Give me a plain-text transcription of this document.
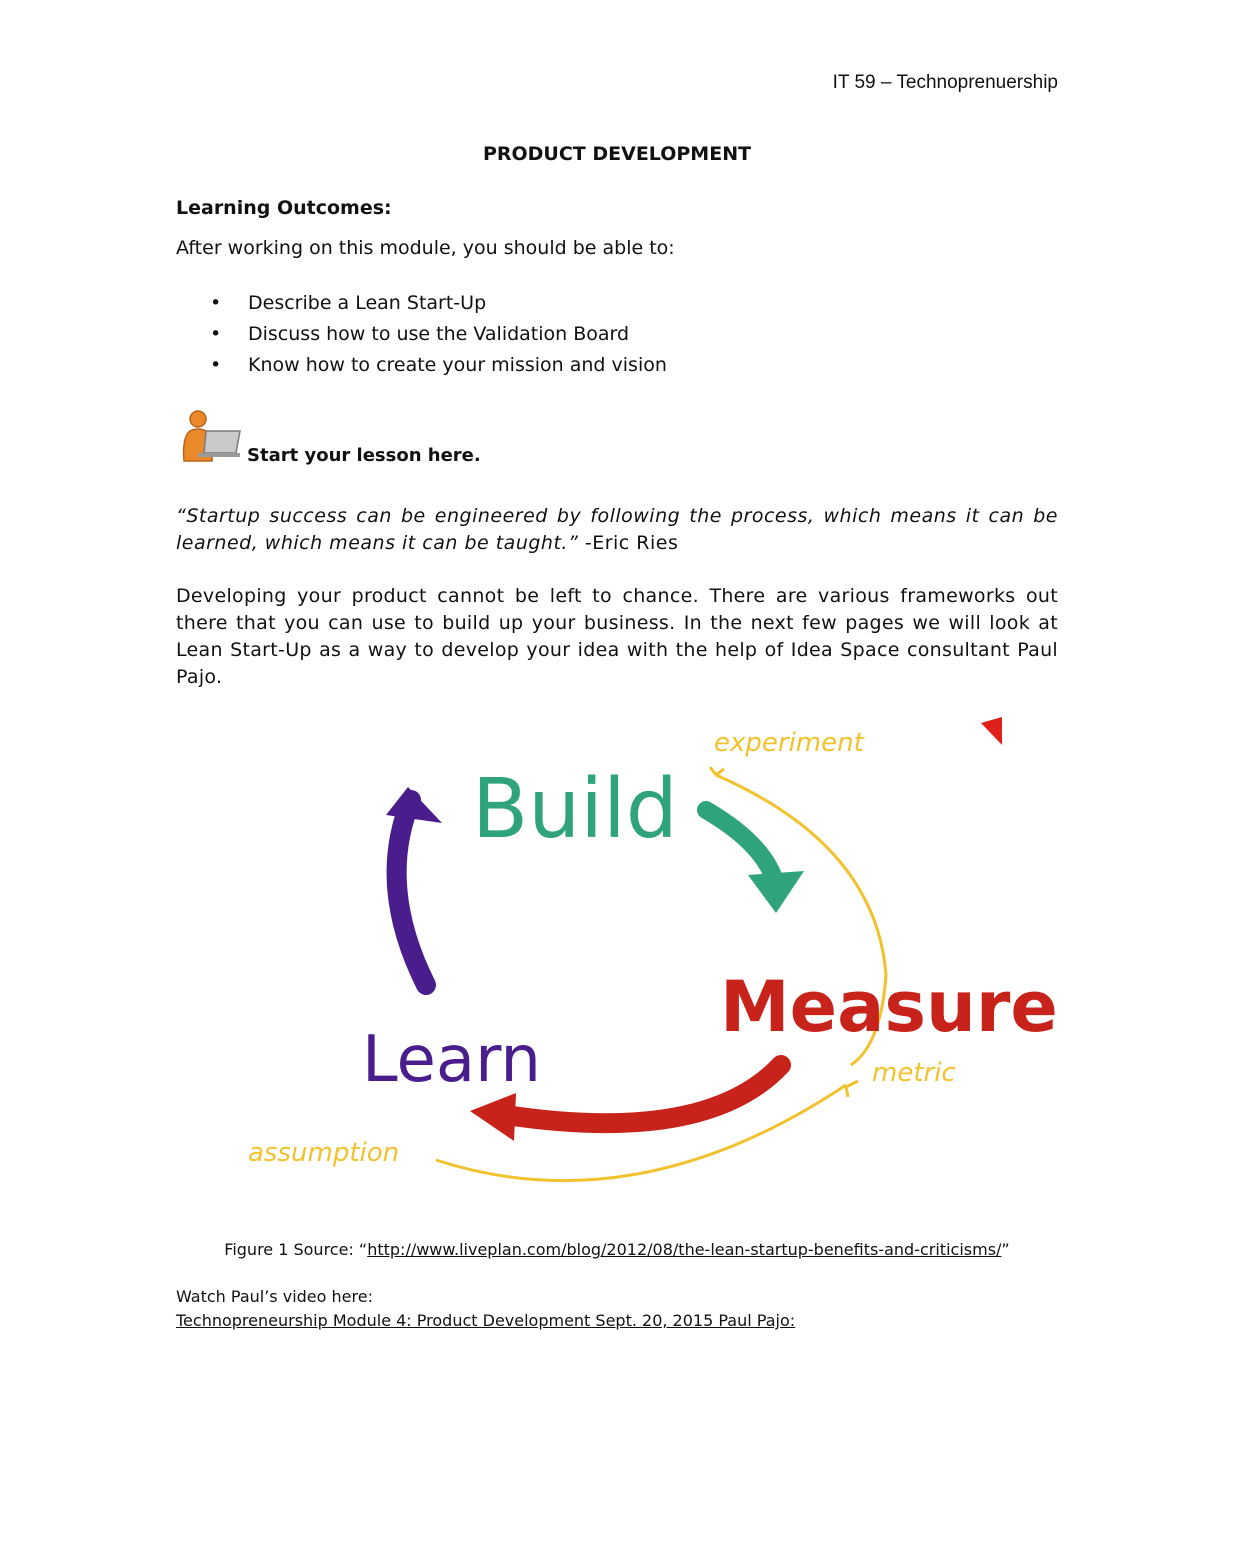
IT 59 – Technoprenuership
PRODUCT DEVELOPMENT
Learning Outcomes:
After working on this module, you should be able to:
• Describe a Lean Start-Up
• Discuss how to use the Validation Board
• Know how to create your mission and vision
Start your lesson here.
“Startup success can be engineered by following the process, which means it can be learned, which means it can be taught.” -Eric Ries
Developing your product cannot be left to chance. There are various frameworks out there that you can use to build up your business. In the next few pages we will look at Lean Start-Up as a way to develop your idea with the help of Idea Space consultant Paul Pajo.
Build
Measure
Learn
experiment
metric
assumption
Figure 1 Source: “http://www.liveplan.com/blog/2012/08/the-lean-startup-benefits-and-criticisms/”
Watch Paul’s video here:
Technopreneurship Module 4: Product Development Sept. 20, 2015 Paul Pajo:
